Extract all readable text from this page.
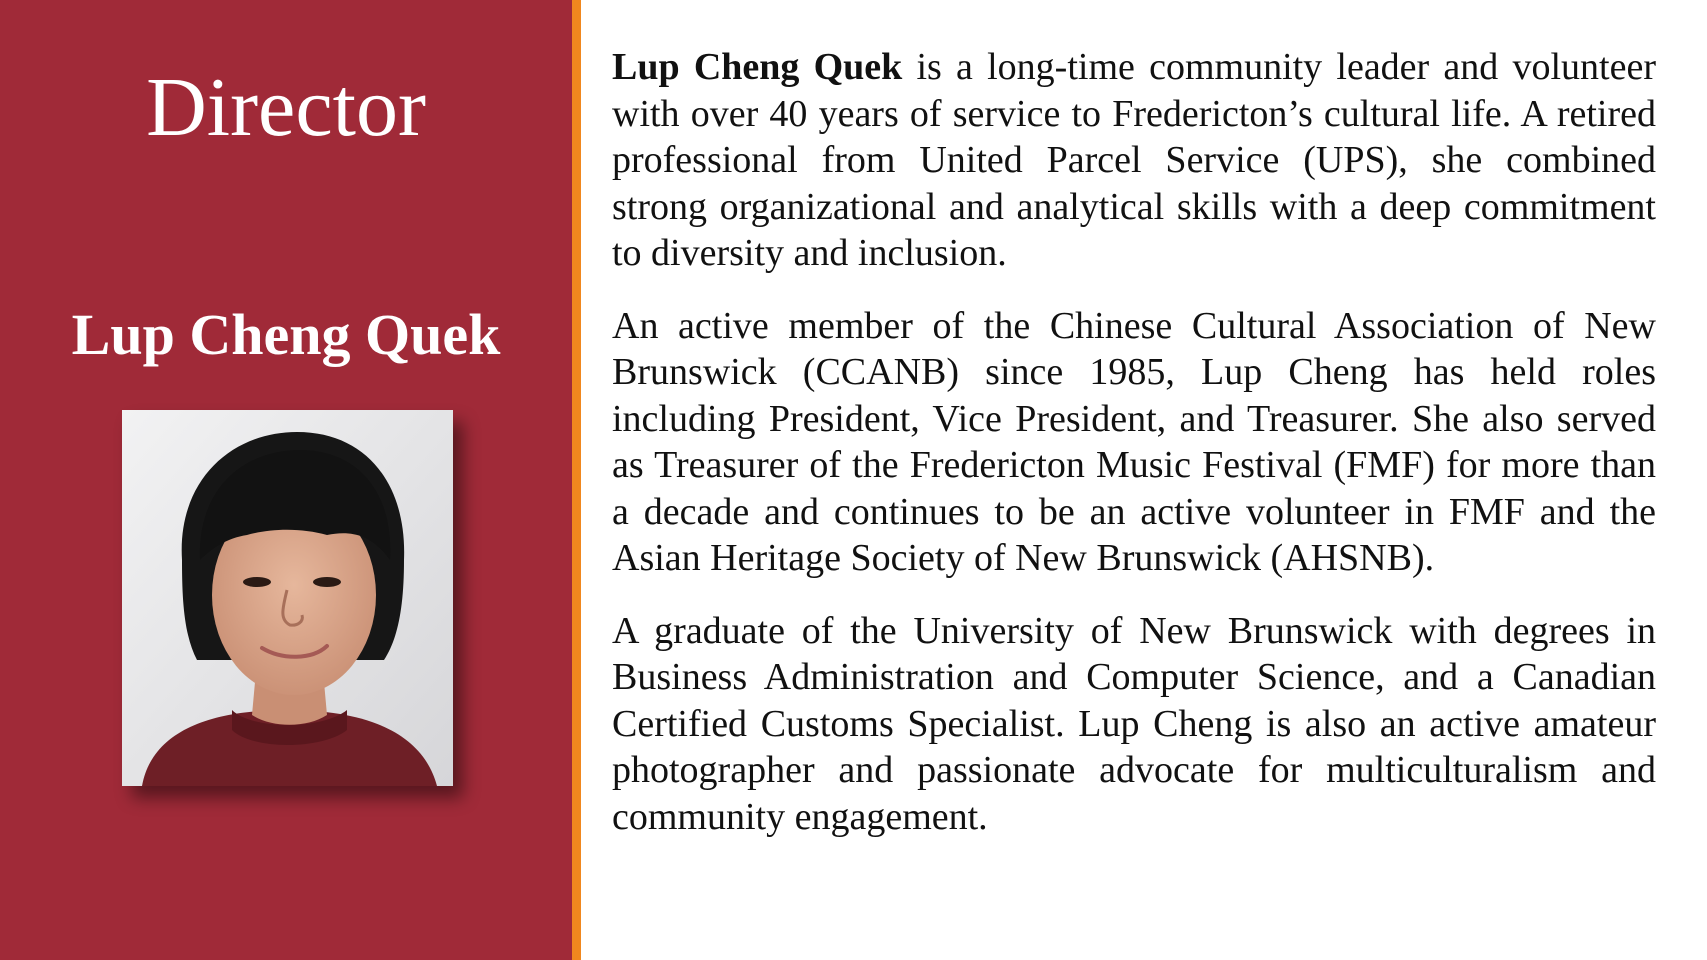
Director
Lup Cheng Quek

Lup Cheng Quek is a long-time community leader and volunteer with over 40 years of service to Fredericton’s cultural life. A retired professional from United Parcel Service (UPS), she combined strong organizational and analytical skills with a deep commitment to diversity and inclusion.

An active member of the Chinese Cultural Association of New Brunswick (CCANB) since 1985, Lup Cheng has held roles including President, Vice President, and Treasurer. She also served as Treasurer of the Fredericton Music Festival (FMF) for more than a decade and continues to be an active volunteer in FMF and the Asian Heritage Society of New Brunswick (AHSNB).

A graduate of the University of New Brunswick with degrees in Business Administration and Computer Science, and a Canadian Certified Customs Specialist. Lup Cheng is also an active amateur photographer and passionate advocate for multiculturalism and community engagement.
